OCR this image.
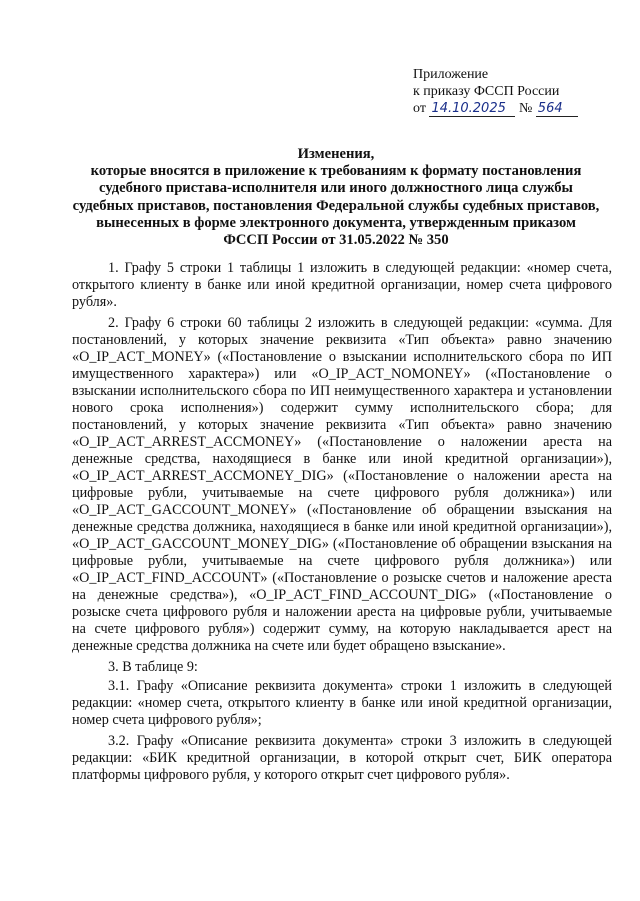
Приложение
к приказу ФССП России
от 14.10.2025 № 564
Изменения,
которые вносятся в приложение к требованиям к формату постановления
судебного пристава-исполнителя или иного должностного лица службы
судебных приставов, постановления Федеральной службы судебных приставов,
вынесенных в форме электронного документа, утвержденным приказом
ФССП России от 31.05.2022 № 350

1. Графу 5 строки 1 таблицы 1 изложить в следующей редакции: «номер счета, открытого клиенту в банке или иной кредитной организации, номер счета цифрового рубля».

2. Графу 6 строки 60 таблицы 2 изложить в следующей редакции: «сумма. Для постановлений, у которых значение реквизита «Тип объекта» равно значению «O_IP_ACT_MONEY» («Постановление о взыскании исполнительского сбора по ИП имущественного характера») или «O_IP_ACT_NOMONEY» («Постановление о взыскании исполнительского сбора по ИП неимущественного характера и установлении нового срока исполнения») содержит сумму исполнительского сбора; для постановлений, у которых значение реквизита «Тип объекта» равно значению «O_IP_ACT_ARREST_ACCMONEY» («Постановление о наложении ареста на денежные средства, находящиеся в банке или иной кредитной организации»), «O_IP_ACT_ARREST_ACCMONEY_DIG» («Постановление о наложении ареста на цифровые рубли, учитываемые на счете цифрового рубля должника») или «O_IP_ACT_GACCOUNT_MONEY» («Постановление об обращении взыскания на денежные средства должника, находящиеся в банке или иной кредитной организации»), «O_IP_ACT_GACCOUNT_MONEY_DIG» («Постановление об обращении взыскания на цифровые рубли, учитываемые на счете цифрового рубля должника») или «O_IP_ACT_FIND_ACCOUNT» («Постановление о розыске счетов и наложение ареста на денежные средства»), «O_IP_ACT_FIND_ACCOUNT_DIG» («Постановление о розыске счета цифрового рубля и наложении ареста на цифровые рубли, учитываемые на счете цифрового рубля») содержит сумму, на которую накладывается арест на денежные средства должника на счете или будет обращено взыскание».

3. В таблице 9:

3.1. Графу «Описание реквизита документа» строки 1 изложить в следующей редакции: «номер счета, открытого клиенту в банке или иной кредитной организации, номер счета цифрового рубля»;

3.2. Графу «Описание реквизита документа» строки 3 изложить в следующей редакции: «БИК кредитной организации, в которой открыт счет, БИК оператора платформы цифрового рубля, у которого открыт счет цифрового рубля».
